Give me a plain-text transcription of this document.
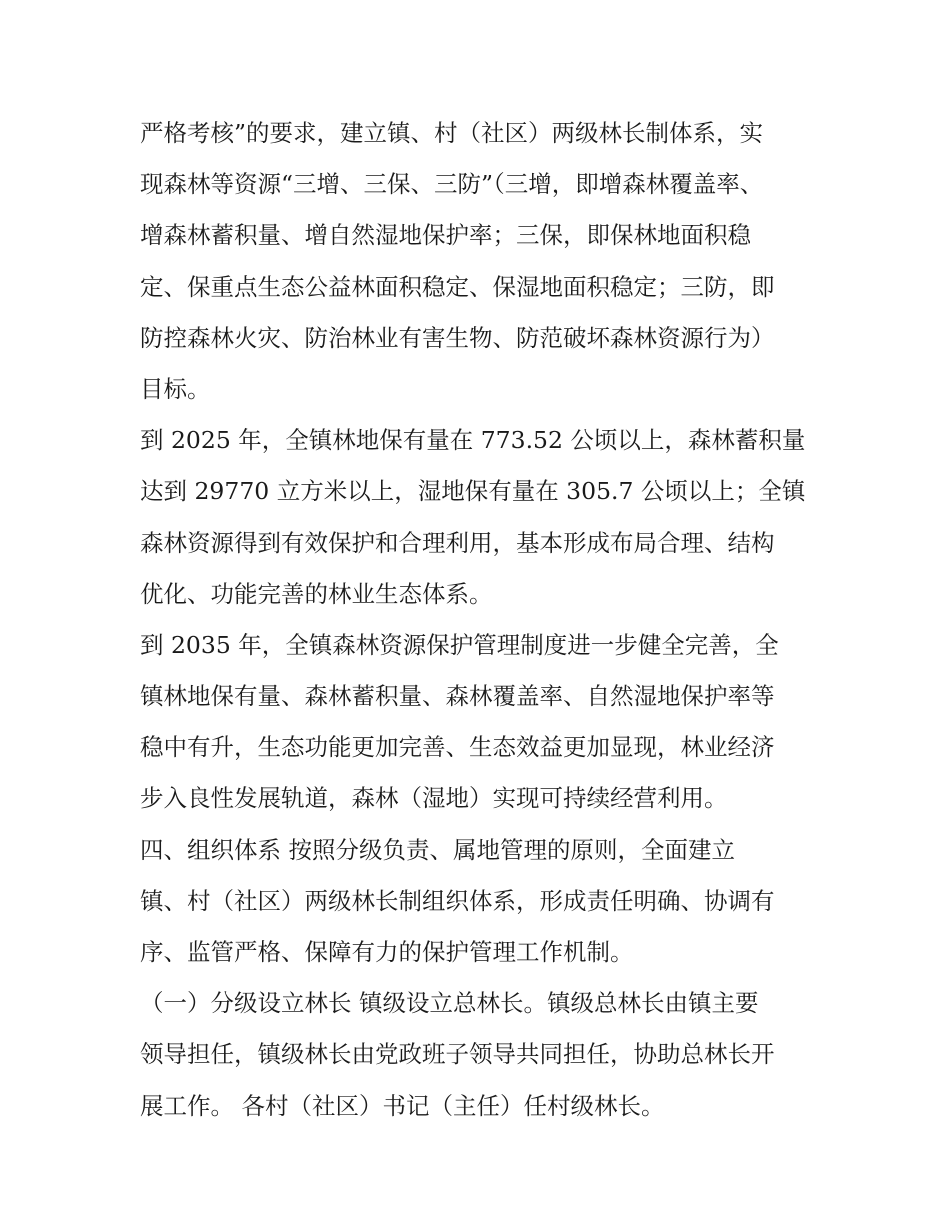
严格考核”的要求，建立镇、村（社区）两级林长制体系，实
现森林等资源“三增、三保、三防”（三增，即增森林覆盖率、
增森林蓄积量、增自然湿地保护率；三保，即保林地面积稳
定、保重点生态公益林面积稳定、保湿地面积稳定；三防，即
防控森林火灾、防治林业有害生物、防范破坏森林资源行为）
目标。
到 2025 年，全镇林地保有量在 773.52 公顷以上，森林蓄积量
达到 29770 立方米以上，湿地保有量在 305.7 公顷以上；全镇
森林资源得到有效保护和合理利用，基本形成布局合理、结构
优化、功能完善的林业生态体系。
到 2035 年，全镇森林资源保护管理制度进一步健全完善，全
镇林地保有量、森林蓄积量、森林覆盖率、自然湿地保护率等
稳中有升，生态功能更加完善、生态效益更加显现，林业经济
步入良性发展轨道，森林（湿地）实现可持续经营利用。
四、组织体系 按照分级负责、属地管理的原则，全面建立
镇、村（社区）两级林长制组织体系，形成责任明确、协调有
序、监管严格、保障有力的保护管理工作机制。
（一）分级设立林长 镇级设立总林长。镇级总林长由镇主要
领导担任，镇级林长由党政班子领导共同担任，协助总林长开
展工作。 各村（社区）书记（主任）任村级林长。
